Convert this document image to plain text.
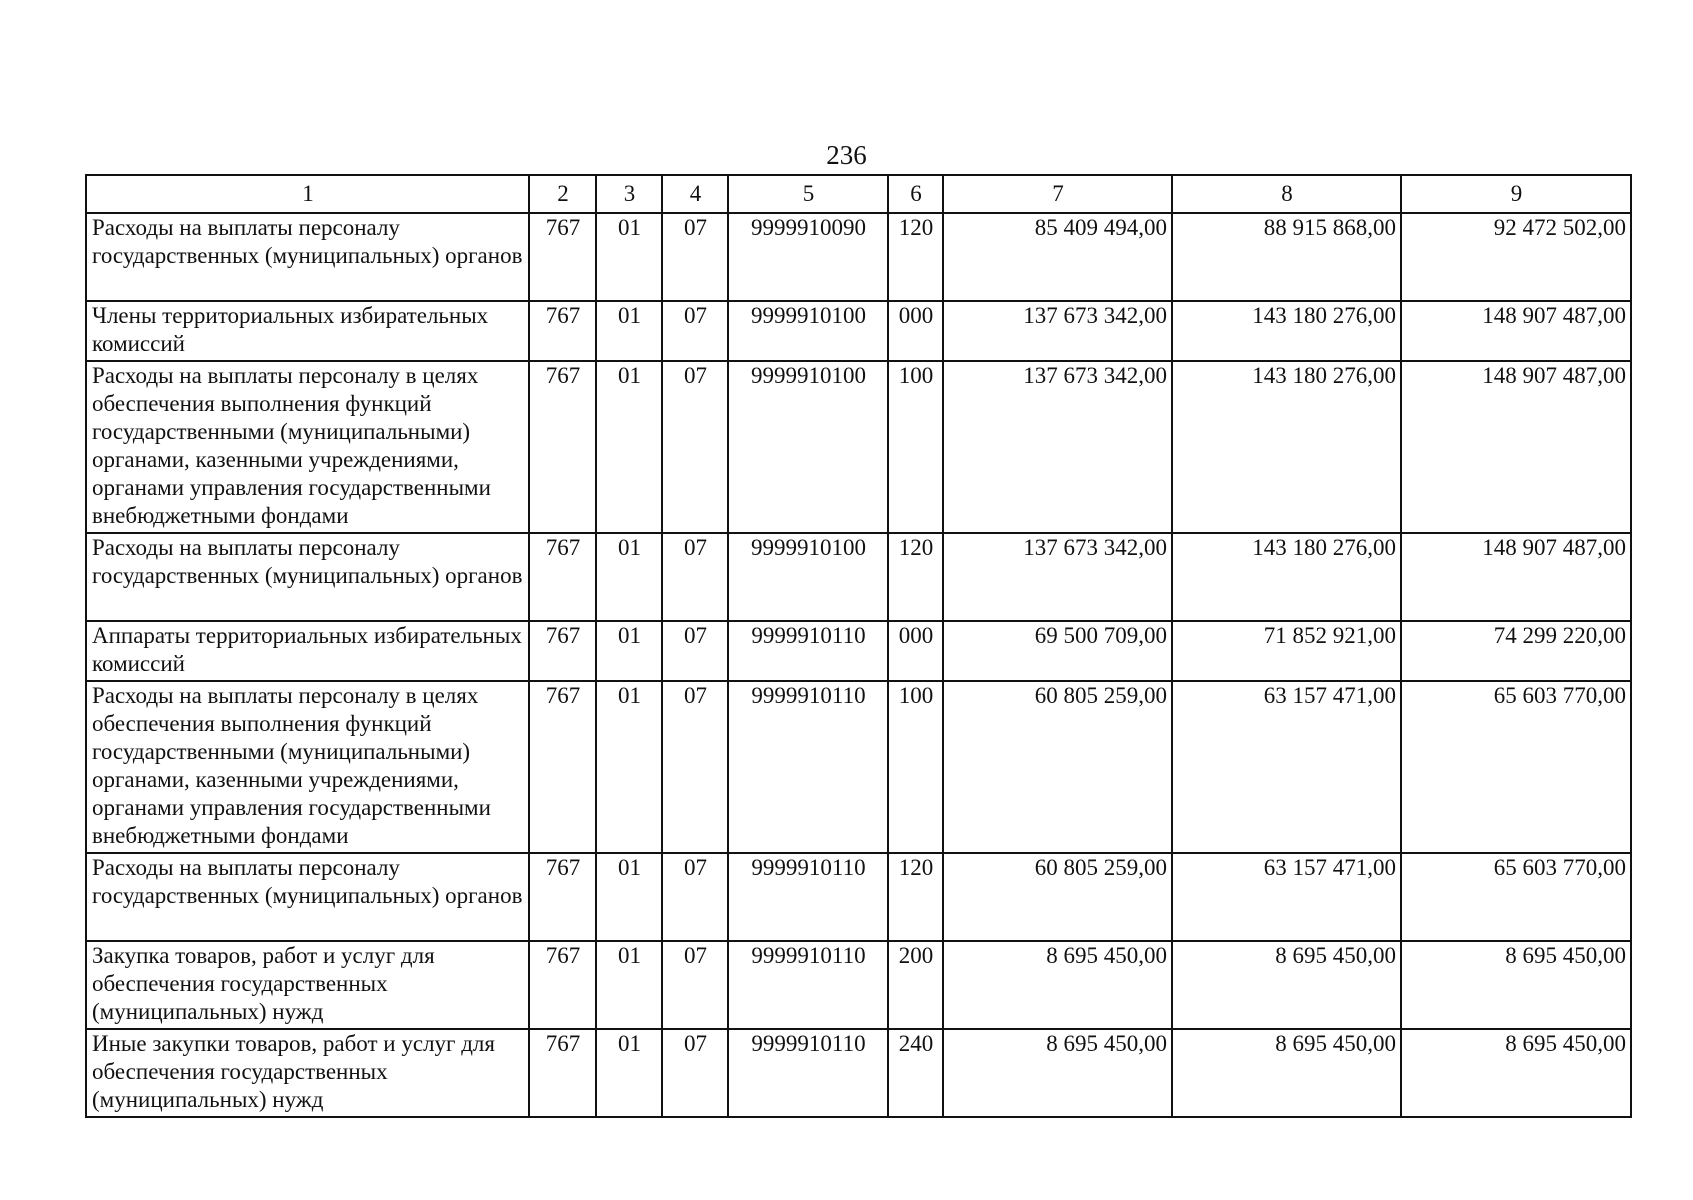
236
1	2	3	4	5	6	7	8	9
Расходы на выплаты персоналу государственных (муниципальных) органов	767	01	07	9999910090	120	85 409 494,00	88 915 868,00	92 472 502,00
Члены территориальных избирательных комиссий	767	01	07	9999910100	000	137 673 342,00	143 180 276,00	148 907 487,00
Расходы на выплаты персоналу в целях обеспечения выполнения функций государственными (муниципальными) органами, казенными учреждениями, органами управления государственными внебюджетными фондами	767	01	07	9999910100	100	137 673 342,00	143 180 276,00	148 907 487,00
Расходы на выплаты персоналу государственных (муниципальных) органов	767	01	07	9999910100	120	137 673 342,00	143 180 276,00	148 907 487,00
Аппараты территориальных избирательных комиссий	767	01	07	9999910110	000	69 500 709,00	71 852 921,00	74 299 220,00
Расходы на выплаты персоналу в целях обеспечения выполнения функций государственными (муниципальными) органами, казенными учреждениями, органами управления государственными внебюджетными фондами	767	01	07	9999910110	100	60 805 259,00	63 157 471,00	65 603 770,00
Расходы на выплаты персоналу государственных (муниципальных) органов	767	01	07	9999910110	120	60 805 259,00	63 157 471,00	65 603 770,00
Закупка товаров, работ и услуг для обеспечения государственных (муниципальных) нужд	767	01	07	9999910110	200	8 695 450,00	8 695 450,00	8 695 450,00
Иные закупки товаров, работ и услуг для обеспечения государственных (муниципальных) нужд	767	01	07	9999910110	240	8 695 450,00	8 695 450,00	8 695 450,00
